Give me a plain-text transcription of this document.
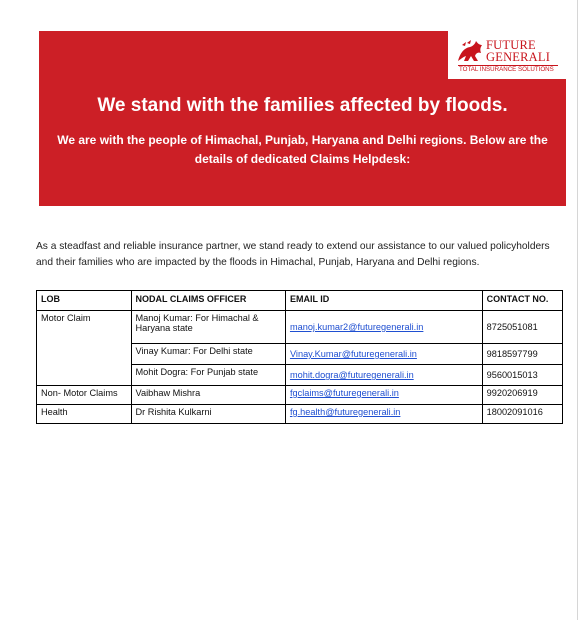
We stand with the families affected by floods.
We are with the people of Himachal, Punjab, Haryana and Delhi regions. Below are the details of dedicated Claims Helpdesk:
FUTURE
GENERALI
TOTAL INSURANCE SOLUTIONS
As a steadfast and reliable insurance partner, we stand ready to extend our assistance to our valued policyholders and their families who are impacted by the floods in Himachal, Punjab, Haryana and Delhi regions.
LOB	NODAL CLAIMS OFFICER	EMAIL ID	CONTACT NO.
Motor Claim	Manoj Kumar: For Himachal & Haryana state	manoj.kumar2@futuregenerali.in	8725051081
	Vinay Kumar: For Delhi state	Vinay.Kumar@futuregenerali.in	9818597799
	Mohit Dogra: For Punjab state	mohit.dogra@futuregenerali.in	9560015013
Non- Motor Claims	Vaibhaw Mishra	fgclaims@futuregenerali.in	9920206919
Health	Dr Rishita Kulkarni	fg.health@futuregenerali.in	18002091016
